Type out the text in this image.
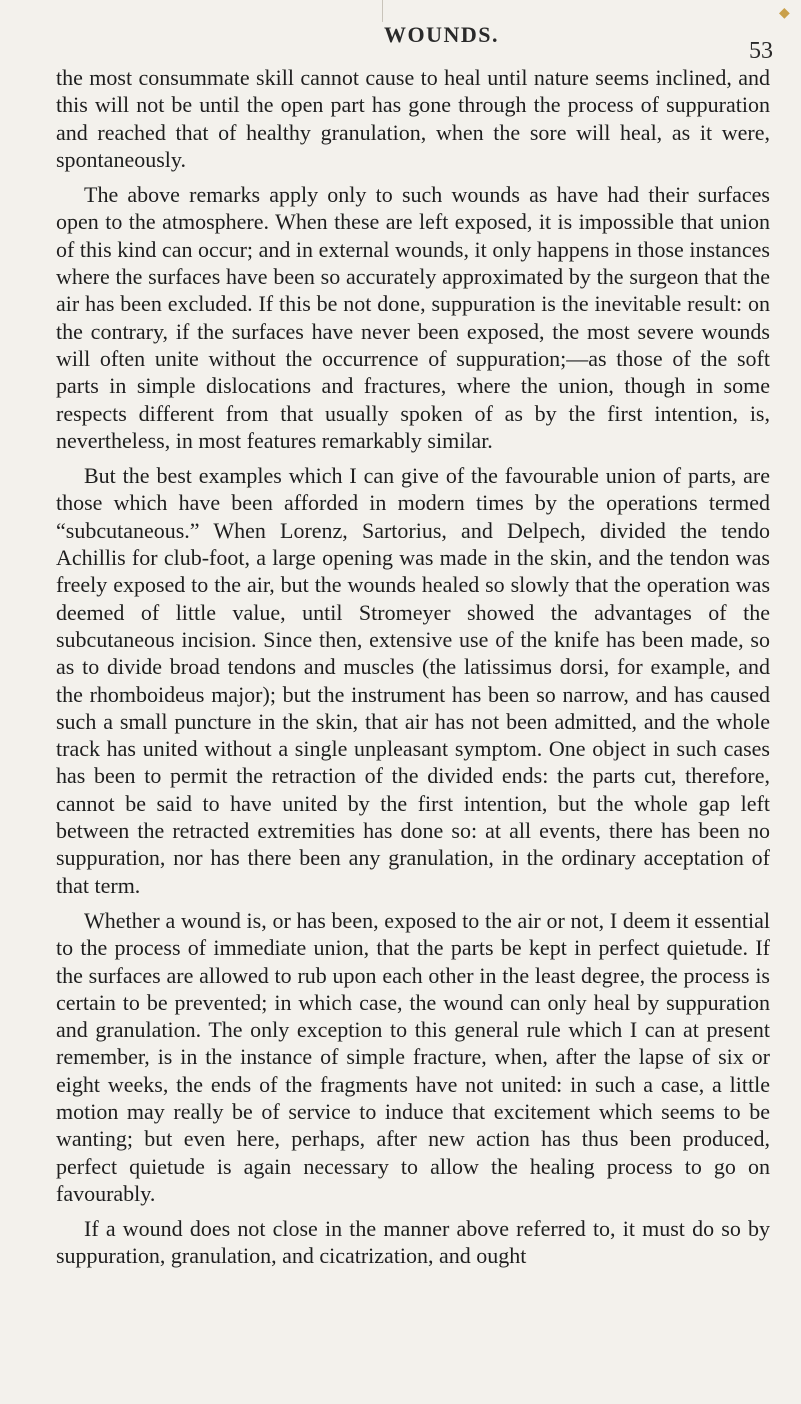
◆
WOUNDS.
53

the most consummate skill cannot cause to heal until nature seems inclined, and this will not be until the open part has gone through the process of suppuration and reached that of healthy granulation, when the sore will heal, as it were, spontaneously.

The above remarks apply only to such wounds as have had their surfaces open to the atmosphere. When these are left exposed, it is impossible that union of this kind can occur; and in external wounds, it only happens in those instances where the surfaces have been so accurately approximated by the surgeon that the air has been excluded. If this be not done, suppuration is the inevitable result: on the contrary, if the surfaces have never been exposed, the most severe wounds will often unite without the occurrence of suppuration;—as those of the soft parts in simple dislocations and fractures, where the union, though in some respects different from that usually spoken of as by the first intention, is, nevertheless, in most features remarkably similar.

But the best examples which I can give of the favourable union of parts, are those which have been afforded in modern times by the operations termed “subcutaneous.” When Lorenz, Sartorius, and Delpech, divided the tendo Achillis for club-foot, a large opening was made in the skin, and the tendon was freely exposed to the air, but the wounds healed so slowly that the operation was deemed of little value, until Stromeyer showed the advantages of the subcutaneous incision. Since then, extensive use of the knife has been made, so as to divide broad tendons and muscles (the latissimus dorsi, for example, and the rhomboideus major); but the instrument has been so narrow, and has caused such a small puncture in the skin, that air has not been admitted, and the whole track has united without a single unpleasant symptom. One object in such cases has been to permit the retraction of the divided ends: the parts cut, therefore, cannot be said to have united by the first intention, but the whole gap left between the retracted extremities has done so: at all events, there has been no suppuration, nor has there been any granulation, in the ordinary acceptation of that term.

Whether a wound is, or has been, exposed to the air or not, I deem it essential to the process of immediate union, that the parts be kept in perfect quietude. If the surfaces are allowed to rub upon each other in the least degree, the process is certain to be prevented; in which case, the wound can only heal by suppuration and granulation. The only exception to this general rule which I can at present remember, is in the instance of simple fracture, when, after the lapse of six or eight weeks, the ends of the fragments have not united: in such a case, a little motion may really be of service to induce that excitement which seems to be wanting; but even here, perhaps, after new action has thus been produced, perfect quietude is again necessary to allow the healing process to go on favourably.

If a wound does not close in the manner above referred to, it must do so by suppuration, granulation, and cicatrization, and ought
